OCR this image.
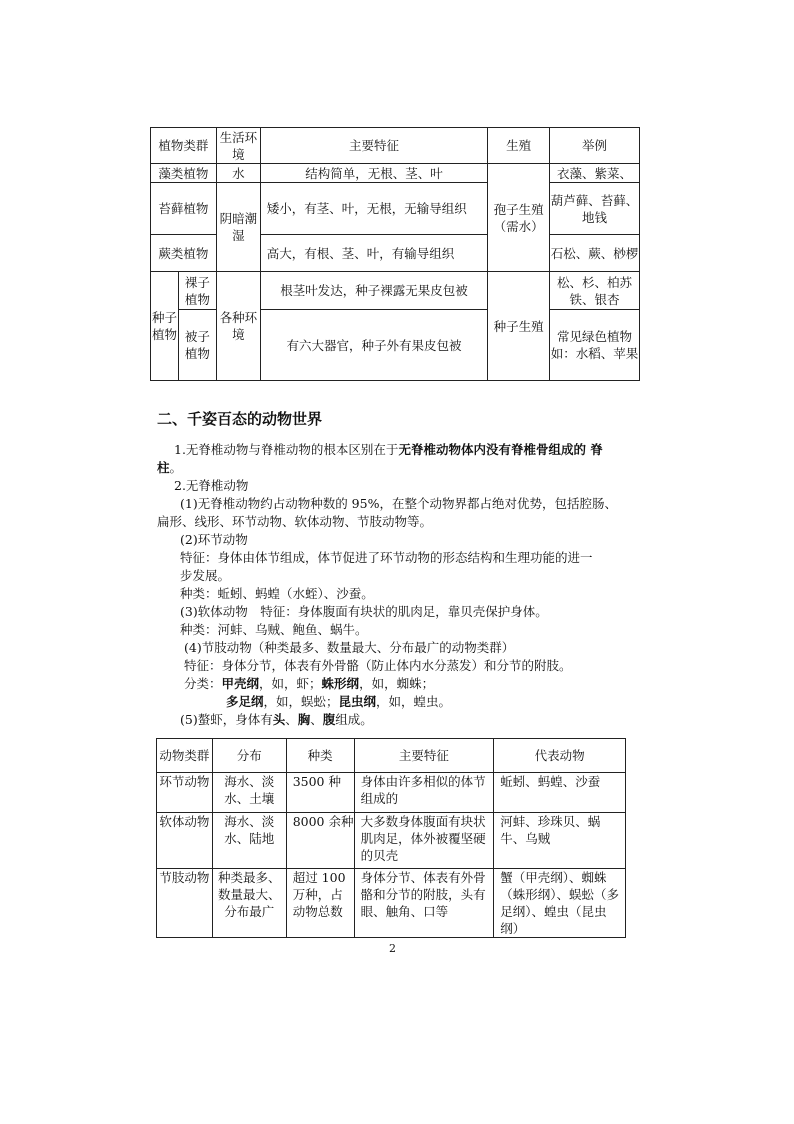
植物类群		生活环境	主要特征	生殖	举例
藻类植物		水	结构简单，无根、茎、叶	孢子生殖（需水）	衣藻、紫菜、
苔藓植物		阴暗潮湿	矮小，有茎、叶，无根，无输导组织		葫芦藓、苔藓、地钱
蕨类植物			高大，有根、茎、叶，有输导组织		石松、蕨、桫椤
种子植物	裸子植物	各种环境	根茎叶发达，种子裸露无果皮包被	种子生殖	松、杉、柏苏铁、银杏
	被子植物		有六大器官，种子外有果皮包被		常见绿色植物如：水稻、苹果
二、千姿百态的动物世界
1.无脊椎动物与脊椎动物的根本区别在于无脊椎动物体内没有脊椎骨组成的 脊
柱。
2.无脊椎动物
(1)无脊椎动物约占动物种数的 95%，在整个动物界都占绝对优势，包括腔肠、
扁形、线形、环节动物、软体动物、节肢动物等。
(2)环节动物
特征：身体由体节组成，体节促进了环节动物的形态结构和生理功能的进一
步发展。
种类：蚯蚓、蚂蝗（水蛭）、沙蚕。
(3)软体动物　特征：身体腹面有块状的肌肉足，靠贝壳保护身体。
种类：河蚌、乌贼、鲍鱼、蜗牛。
(4)节肢动物（种类最多、数量最大、分布最广的动物类群）
特征：身体分节，体表有外骨骼（防止体内水分蒸发）和分节的附肢。
分类：甲壳纲，如，虾；蛛形纲，如，蜘蛛；
多足纲，如，蜈蚣；昆虫纲，如，蝗虫。
(5)螯虾，身体有头、胸、腹组成。
动物类群	分布	种类	主要特征	代表动物
环节动物	海水、淡水、土壤	3500 种	身体由许多相似的体节组成的	蚯蚓、蚂蝗、沙蚕
软体动物	海水、淡水、陆地	8000 余种	大多数身体腹面有块状肌肉足，体外被覆坚硬的贝壳	河蚌、珍珠贝、蜗牛、乌贼
节肢动物	种类最多、数量最大、分布最广	超过 100 万种，占动物总数	身体分节、体表有外骨骼和分节的附肢，头有眼、触角、口等	蟹（甲壳纲）、蜘蛛（蛛形纲）、蜈蚣（多足纲）、蝗虫（昆虫纲）
2
